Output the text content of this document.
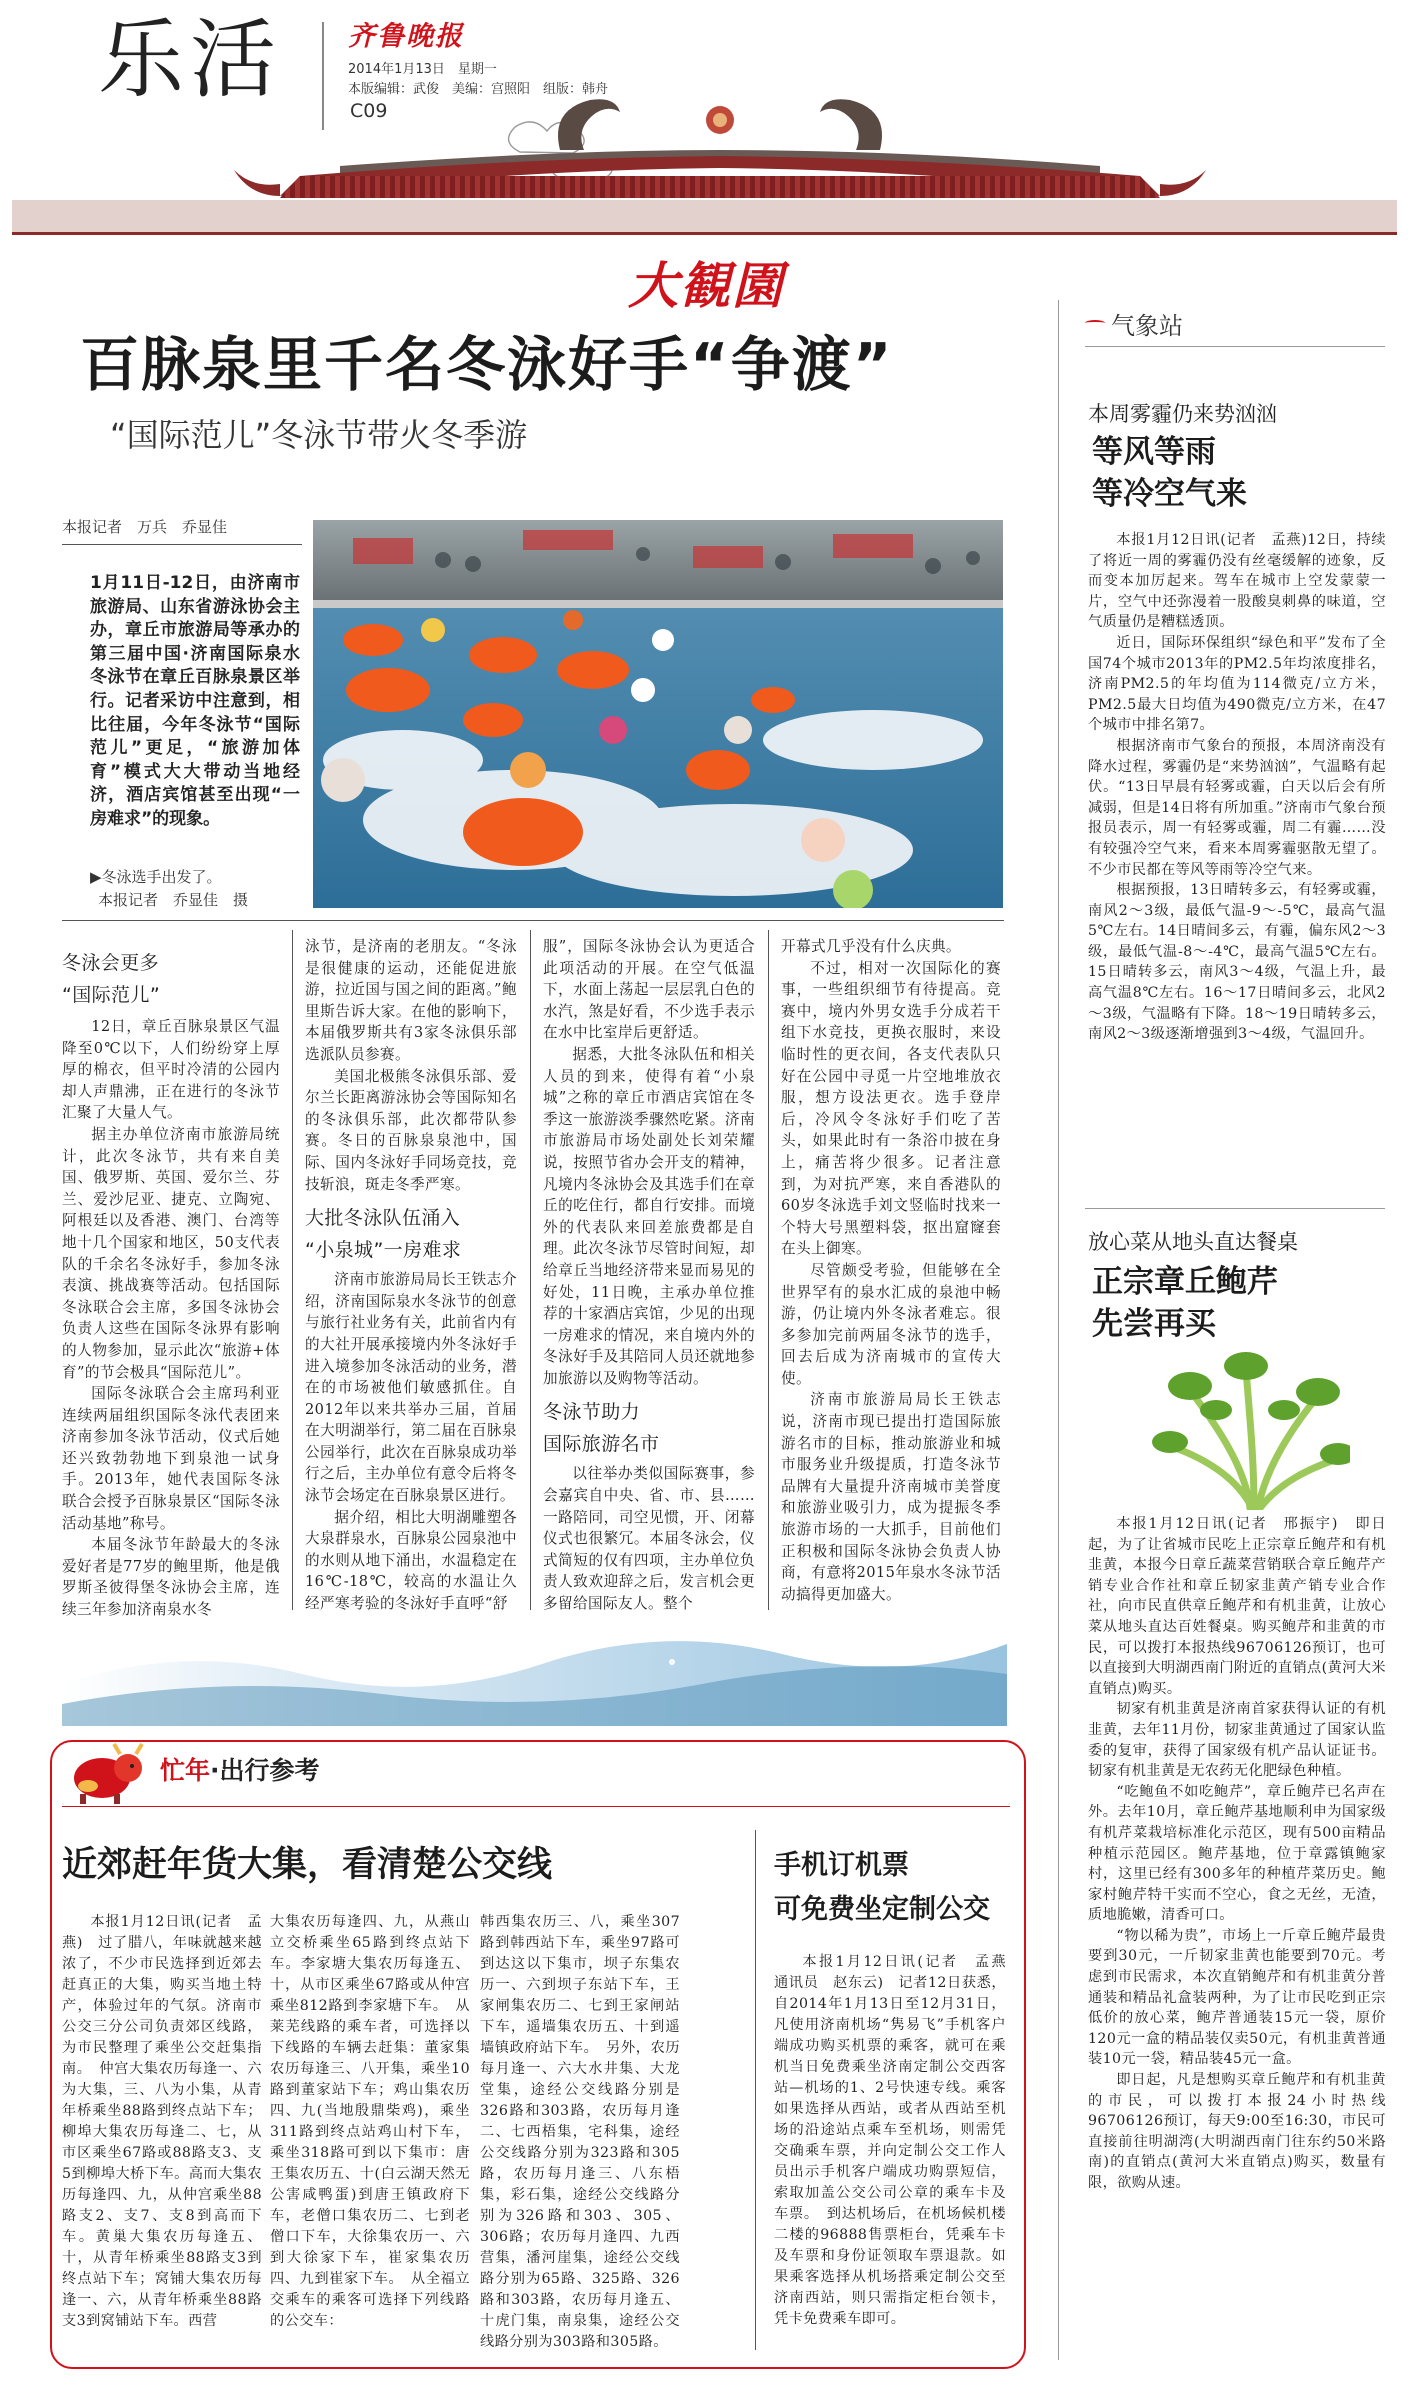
乐活 齐鲁晚报
2014年1月13日　星期一
本版编辑：武俊　美编：宫照阳　组版：韩舟
C09
大観園
百脉泉里千名冬泳好手“争渡”
“国际范儿”冬泳节带火冬季游
本报记者　万兵　乔显佳
1月11日-12日，由济南市旅游局、山东省游泳协会主办，章丘市旅游局等承办的第三届中国·济南国际泉水冬泳节在章丘百脉泉景区举行。记者采访中注意到，相比往届，今年冬泳节“国际范儿”更足，“旅游加体育”模式大大带动当地经济，酒店宾馆甚至出现“一房难求”的现象。
▶冬泳选手出发了。
本报记者　乔显佳　摄
冬泳会更多
“国际范儿”

12日，章丘百脉泉景区气温降至0℃以下，人们纷纷穿上厚厚的棉衣，但平时冷清的公园内却人声鼎沸，正在进行的冬泳节汇聚了大量人气。

据主办单位济南市旅游局统计，此次冬泳节，共有来自美国、俄罗斯、英国、爱尔兰、芬兰、爱沙尼亚、捷克、立陶宛、阿根廷以及香港、澳门、台湾等地十几个国家和地区，50支代表队的千余名冬泳好手，参加冬泳表演、挑战赛等活动。包括国际冬泳联合会主席，多国冬泳协会负责人这些在国际冬泳界有影响的人物参加，显示此次“旅游+体育”的节会极具“国际范儿”。

国际冬泳联合会主席玛利亚连续两届组织国际冬泳代表团来济南参加冬泳节活动，仪式后她还兴致勃勃地下到泉池一试身手。2013年，她代表国际冬泳联合会授予百脉泉景区“国际冬泳活动基地”称号。

本届冬泳节年龄最大的冬泳爱好者是77岁的鲍里斯，他是俄罗斯圣彼得堡冬泳协会主席，连续三年参加济南泉水冬

泳节，是济南的老朋友。“冬泳是很健康的运动，还能促进旅游，拉近国与国之间的距离。”鲍里斯告诉大家。在他的影响下，本届俄罗斯共有3家冬泳俱乐部选派队员参赛。

美国北极熊冬泳俱乐部、爱尔兰长距离游泳协会等国际知名的冬泳俱乐部，此次都带队参赛。冬日的百脉泉泉池中，国际、国内冬泳好手同场竞技，竞技斩浪，斑走冬季严寒。

大批冬泳队伍涌入
“小泉城”一房难求

济南市旅游局局长王铁志介绍，济南国际泉水冬泳节的创意与旅行社业务有关，此前省内有的大社开展承接境内外冬泳好手进入境参加冬泳活动的业务，潜在的市场被他们敏感抓住。自2012年以来共举办三届，首届在大明湖举行，第二届在百脉泉公园举行，此次在百脉泉成功举行之后，主办单位有意令后将冬泳节会场定在百脉泉景区进行。

据介绍，相比大明湖雕塑各大泉群泉水，百脉泉公园泉池中的水则从地下涌出，水温稳定在16℃-18℃，较高的水温让久经严寒考验的冬泳好手直呼“舒

服”，国际冬泳协会认为更适合此项活动的开展。在空气低温下，水面上荡起一层层乳白色的水汽，煞是好看，不少选手表示在水中比室岸后更舒适。

据悉，大批冬泳队伍和相关人员的到来，使得有着“小泉城”之称的章丘市酒店宾馆在冬季这一旅游淡季骤然吃紧。济南市旅游局市场处副处长刘荣耀说，按照节省办会开支的精神，凡境内冬泳协会及其选手们在章丘的吃住行，都自行安排。而境外的代表队来回差旅费都是自理。此次冬泳节尽管时间短，却给章丘当地经济带来显而易见的好处，11日晚，主承办单位推荐的十家酒店宾馆，少见的出现一房难求的情况，来自境内外的冬泳好手及其陪同人员还就地参加旅游以及购物等活动。

冬泳节助力
国际旅游名市

以往举办类似国际赛事，参会嘉宾自中央、省、市、县……一路陪同，司空见惯，开、闭幕仪式也很繁冗。本届冬泳会，仪式简短的仅有四项，主办单位负责人致欢迎辞之后，发言机会更多留给国际友人。整个

开幕式几乎没有什么庆典。

不过，相对一次国际化的赛事，一些组织细节有待提高。竞赛中，境内外男女选手分成若干组下水竞技，更换衣服时，来设临时性的更衣间，各支代表队只好在公园中寻觅一片空地堆放衣服，想方设法更衣。选手登岸后，冷风令冬泳好手们吃了苦头，如果此时有一条浴巾披在身上，痛苦将少很多。记者注意到，为对抗严寒，来自香港队的60岁冬泳选手刘文竖临时找来一个特大号黑塑料袋，抠出窟窿套在头上御寒。

尽管颇受考验，但能够在全世界罕有的泉水汇成的泉池中畅游，仍让境内外冬泳者难忘。很多参加完前两届冬泳节的选手，回去后成为济南城市的宣传大使。

济南市旅游局局长王铁志说，济南市现已提出打造国际旅游名市的目标，推动旅游业和城市服务业升级提质，打造冬泳节品牌有大量提升济南城市美誉度和旅游业吸引力，成为提振冬季旅游市场的一大抓手，目前他们正积极和国际冬泳协会负责人协商，有意将2015年泉水冬泳节活动搞得更加盛大。

忙年·出行参考
近郊赶年货大集，看清楚公交线

本报1月12日讯(记者　孟燕)　过了腊八，年味就越来越浓了，不少市民选择到近郊去赶真正的大集，购买当地土特产，体验过年的气氛。济南市公交三分公司负责郊区线路，为市民整理了乘坐公交赶集指南。　仲宫大集农历每逢一、六为大集，三、八为小集，从青年桥乘坐88路到终点站下车；柳埠大集农历每逢二、七，从市区乘坐67路或88路支3、支5到柳埠大桥下车。高而大集农历每逢四、九，从仲宫乘坐88路支2、支7、支8到高而下车。黄巢大集农历每逢五、十，从青年桥乘坐88路支3到终点站下车；窝铺大集农历每逢一、六，从青年桥乘坐88路支3到窝铺站下车。西营

大集农历每逢四、九，从燕山立交桥乘坐65路到终点站下车。李家塘大集农历每逢五、十，从市区乘坐67路或从仲宫乘坐812路到李家塘下车。　从莱芜线路的乘车者，可选择以下线路的车辆去赶集：董家集农历每逢三、八开集，乘坐10路到董家站下车；鸡山集农历四、九(当地殷鼎柴鸡)，乘坐311路到终点站鸡山村下车，乘坐318路可到以下集市：唐王集农历五、十(白云湖天然无公害咸鸭蛋)到唐王镇政府下车，老僧口集农历二、七到老僧口下车，大徐集农历一、六到大徐家下车，崔家集农历四、九到崔家下车。　从全福立交乘车的乘客可选择下列线路的公交车：

韩西集农历三、八，乘坐307路到韩西站下车，乘坐97路可到达这以下集市，坝子东集农历一、六到坝子东站下车，王家闸集农历二、七到王家闸站下车，遥墙集农历五、十到遥墙镇政府站下车。　另外，农历每月逢一、六大水井集、大龙堂集，途经公交线路分别是326路和303路，农历每月逢二、七西梧集，宅科集，途经公交线路分别为323路和305路，农历每月逢三、八东梧集，彩石集，途经公交线路分别为326路和303、305、306路；农历每月逢四、九西营集，潘河崖集，途经公交线路分别为65路、325路、326路和303路，农历每月逢五、十虎门集，南泉集，途经公交线路分别为303路和305路。

手机订机票
可免费坐定制公交

本报1月12日讯(记者　孟燕　通讯员　赵东云)　记者12日获悉，自2014年1月13日至12月31日，凡使用济南机场“隽易飞”手机客户端成功购买机票的乘客，就可在乘机当日免费乘坐济南定制公交西客站—机场的1、2号快速专线。乘客如果选择从西站，或者从西站至机场的沿途站点乘车至机场，则需凭交确乘车票，并向定制公交工作人员出示手机客户端成功购票短信，索取加盖公交公司公章的乘车卡及车票。　到达机场后，在机场候机楼二楼的96888售票柜台，凭乘车卡及车票和身份证领取车票退款。如果乘客选择从机场搭乘定制公交至济南西站，则只需指定柜台领卡，凭卡免费乘车即可。

气象站
本周雾霾仍来势汹汹
等风等雨
等冷空气来

本报1月12日讯(记者　孟燕)12日，持续了将近一周的雾霾仍没有丝毫缓解的迹象，反而变本加厉起来。驾车在城市上空发蒙蒙一片，空气中还弥漫着一股酸臭刺鼻的味道，空气质量仍是糟糕透顶。

近日，国际环保组织“绿色和平”发布了全国74个城市2013年的PM2.5年均浓度排名，济南PM2.5的年均值为114微克/立方米，PM2.5最大日均值为490微克/立方米，在47个城市中排名第7。

根据济南市气象台的预报，本周济南没有降水过程，雾霾仍是“来势汹汹”，气温略有起伏。“13日早晨有轻雾或霾，白天以后会有所减弱，但是14日将有所加重。”济南市气象台预报员表示，周一有轻雾或霾，周二有霾……没有较强冷空气来，看来本周雾霾驱散无望了。不少市民都在等风等雨等冷空气来。

根据预报，13日晴转多云，有轻雾或霾，南风2～3级，最低气温-9～-5℃，最高气温5℃左右。14日晴间多云，有霾，偏东风2～3级，最低气温-8～-4℃，最高气温5℃左右。15日晴转多云，南风3～4级，气温上升，最高气温8℃左右。16～17日晴间多云，北风2～3级，气温略有下降。18～19日晴转多云，南风2～3级逐渐增强到3～4级，气温回升。

放心菜从地头直达餐桌
正宗章丘鲍芹
先尝再买

本报1月12日讯(记者　邢振宇)　即日起，为了让省城市民吃上正宗章丘鲍芹和有机韭黄，本报今日章丘蔬菜营销联合章丘鲍芹产销专业合作社和章丘韧家韭黄产销专业合作社，向市民直供章丘鲍芹和有机韭黄，让放心菜从地头直达百姓餐桌。购买鲍芹和韭黄的市民，可以拨打本报热线96706126预订，也可以直接到大明湖西南门附近的直销点(黄河大米直销点)购买。

韧家有机韭黄是济南首家获得认证的有机韭黄，去年11月份，韧家韭黄通过了国家认监委的复审，获得了国家级有机产品认证证书。韧家有机韭黄是无农药无化肥绿色种植。

“吃鲍鱼不如吃鲍芹”，章丘鲍芹已名声在外。去年10月，章丘鲍芹基地顺利申为国家级有机芹菜栽培标准化示范区，现有500亩精品种植示范园区。鲍芹基地，位于章露镇鲍家村，这里已经有300多年的种植芹菜历史。鲍家村鲍芹特干实而不空心，食之无丝，无渣，质地脆嫩，清香可口。

“物以稀为贵”，市场上一斤章丘鲍芹最贵要到30元，一斤韧家韭黄也能要到70元。考虑到市民需求，本次直销鲍芹和有机韭黄分普通装和精品礼盒装两种，为了让市民吃到正宗低价的放心菜，鲍芹普通装15元一袋，原价120元一盒的精品装仅卖50元，有机韭黄普通装10元一袋，精品装45元一盒。

即日起，凡是想购买章丘鲍芹和有机韭黄的市民，可以拨打本报24小时热线96706126预订，每天9:00至16:30，市民可直接前往明湖湾(大明湖西南门往东约50米路南)的直销点(黄河大米直销点)购买，数量有限，欲购从速。
